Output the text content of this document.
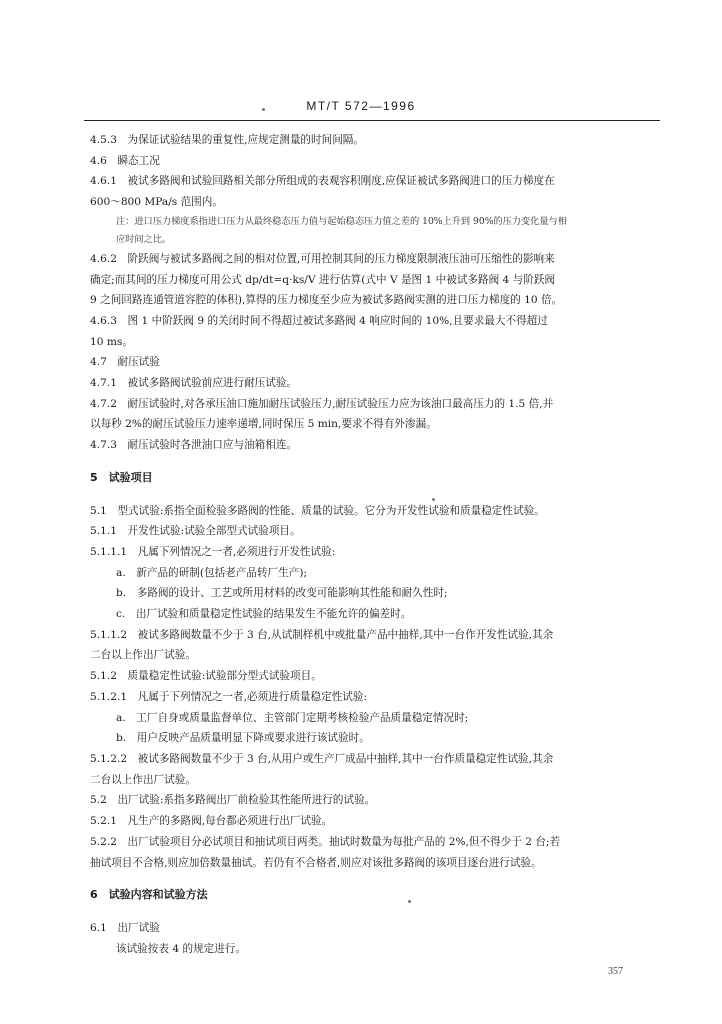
MT/T 572—1996
4.5.3　为保证试验结果的重复性,应规定测量的时间间隔。
4.6　瞬态工况
4.6.1　被试多路阀和试验回路相关部分所组成的表观容积刚度,应保证被试多路阀进口的压力梯度在
600～800 MPa/s 范围内。
注：进口压力梯度系指进口压力从最终稳态压力值与起始稳态压力值之差的 10%上升到 90%的压力变化量与相
应时间之比。
4.6.2　阶跃阀与被试多路阀之间的相对位置,可用控制其间的压力梯度限制液压油可压缩性的影响来
确定;而其间的压力梯度可用公式 dp/dt=q·ks/V 进行估算(式中 V 是图 1 中被试多路阀 4 与阶跃阀
9 之间回路连通管道容腔的体积),算得的压力梯度至少应为被试多路阀实测的进口压力梯度的 10 倍。
4.6.3　图 1 中阶跃阀 9 的关闭时间不得超过被试多路阀 4 响应时间的 10%,且要求最大不得超过
10 ms。
4.7　耐压试验
4.7.1　被试多路阀试验前应进行耐压试验。
4.7.2　耐压试验时,对各承压油口施加耐压试验压力,耐压试验压力应为该油口最高压力的 1.5 倍,并
以每秒 2%的耐压试验压力速率递增,同时保压 5 min,要求不得有外渗漏。
4.7.3　耐压试验时各泄油口应与油箱相连。
5　试验项目
5.1　型式试验:系指全面检验多路阀的性能、质量的试验。它分为开发性试验和质量稳定性试验。
5.1.1　开发性试验:试验全部型式试验项目。
5.1.1.1　凡属下列情况之一者,必须进行开发性试验:
a.　新产品的研制(包括老产品转厂生产);
b.　多路阀的设计、工艺或所用材料的改变可能影响其性能和耐久性时;
c.　出厂试验和质量稳定性试验的结果发生不能允许的偏差时。
5.1.1.2　被试多路阀数量不少于 3 台,从试制样机中或批量产品中抽样,其中一台作开发性试验,其余
二台以上作出厂试验。
5.1.2　质量稳定性试验:试验部分型式试验项目。
5.1.2.1　凡属于下列情况之一者,必须进行质量稳定性试验:
a.　工厂自身或质量监督单位、主管部门定期考核检验产品质量稳定情况时;
b.　用户反映产品质量明显下降或要求进行该试验时。
5.1.2.2　被试多路阀数量不少于 3 台,从用户或生产厂成品中抽样,其中一台作质量稳定性试验,其余
二台以上作出厂试验。
5.2　出厂试验:系指多路阀出厂前检验其性能所进行的试验。
5.2.1　凡生产的多路阀,每台都必须进行出厂试验。
5.2.2　出厂试验项目分必试项目和抽试项目两类。抽试时数量为每批产品的 2%,但不得少于 2 台;若
抽试项目不合格,则应加倍数量抽试。若仍有不合格者,则应对该批多路阀的该项目逐台进行试验。
6　试验内容和试验方法
6.1　出厂试验
该试验按表 4 的规定进行。
357
